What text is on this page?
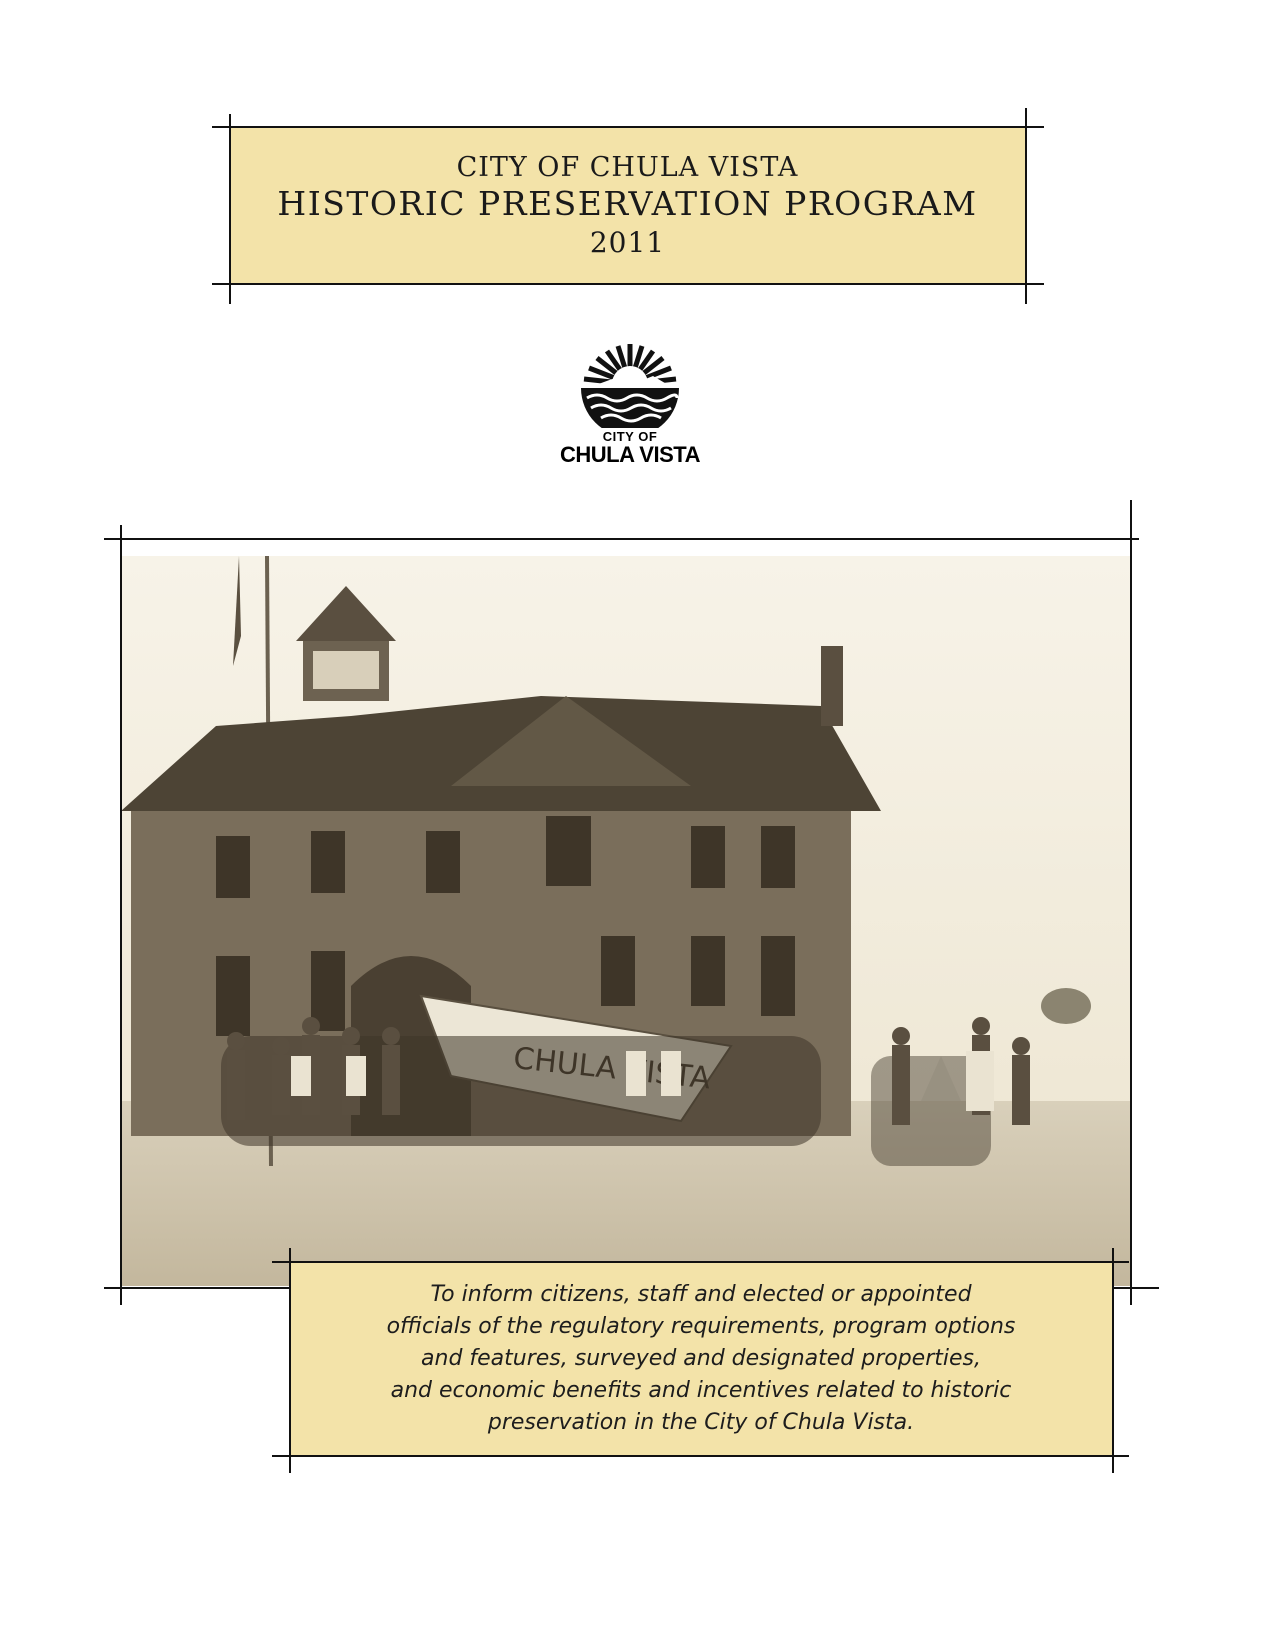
CITY OF CHULA VISTA
HISTORIC PRESERVATION PROGRAM
2011
CITY OF
CHULA VISTA
To inform citizens, staff and elected or appointed
officials of the regulatory requirements, program options
and features, surveyed and designated properties,
and economic benefits and incentives related to historic
preservation in the City of Chula Vista.
